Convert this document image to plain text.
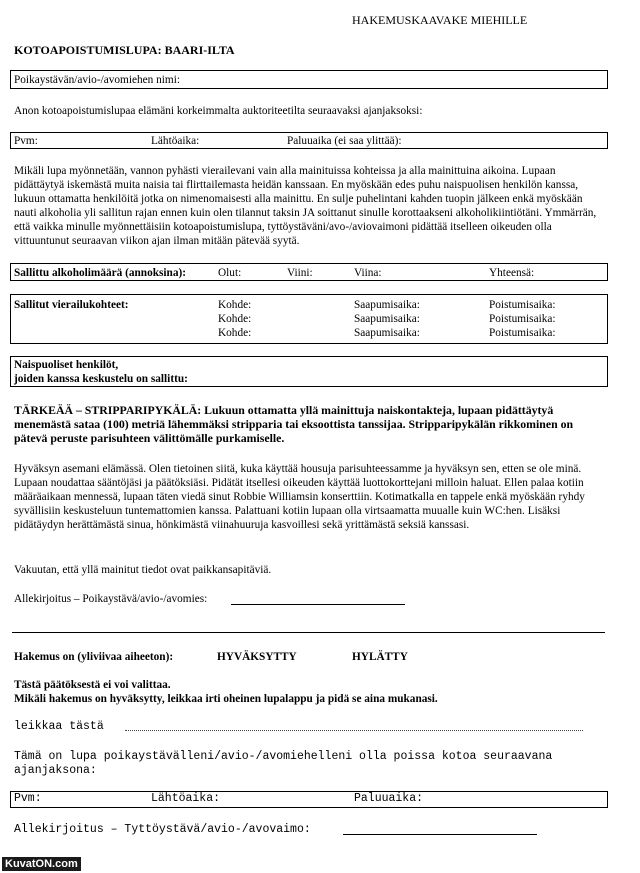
HAKEMUSKAAVAKE MIEHILLE
KOTOAPOISTUMISLUPA: BAARI-ILTA
Poikaystävän/avio-/avomiehen nimi:

Anon kotoapoistumislupaa elämäni korkeimmalta auktoriteetilta seuraavaksi ajanjaksoksi:

Pvm:	Lähtöaika:	Paluuaika (ei saa ylittää):

Mikäli lupa myönnetään, vannon pyhästi vierailevani vain alla mainituissa kohteissa ja alla mainittuina aikoina. Lupaan pidättäytyä iskemästä muita naisia tai flirttailemasta heidän kanssaan. En myöskään edes puhu naispuolisen henkilön kanssa, lukuun ottamatta henkilöitä jotka on nimenomaisesti alla mainittu. En sulje puhelintani kahden tuopin jälkeen enkä myöskään nauti alkoholia yli sallitun rajan ennen kuin olen tilannut taksin JA soittanut sinulle korottaakseni alkoholikiintiötäni. Ymmärrän, että vaikka minulle myönnettäisiin kotoapoistumislupa, tyttöystäväni/avo-/aviovaimoni pidättää itselleen oikeuden olla vittuuntunut seuraavan viikon ajan ilman mitään pätevää syytä.

Sallittu alkoholimäärä (annoksina):	Olut:	Viini:	Viina:	Yhteensä:
Sallitut vierailukohteet:	Kohde:	Saapumisaika:	Poistumisaika:
Kohde:	Saapumisaika:	Poistumisaika:
Kohde:	Saapumisaika:	Poistumisaika:
Naispuoliset henkilöt,
joiden kanssa keskustelu on sallittu:

TÄRKEÄÄ – STRIPPARIPYKÄLÄ: Lukuun ottamatta yllä mainittuja naiskontakteja, lupaan pidättäytyä menemästä sataa (100) metriä lähemmäksi stripparia tai eksoottista tanssijaa. Stripparipykälän rikkominen on pätevä peruste parisuhteen välittömälle purkamiselle.

Hyväksyn asemani elämässä. Olen tietoinen siitä, kuka käyttää housuja parisuhteessamme ja hyväksyn sen, etten se ole minä. Lupaan noudattaa sääntöjäsi ja päätöksiäsi. Pidätät itsellesi oikeuden käyttää luottokorttejani milloin haluat. Ellen palaa kotiin määräaikaan mennessä, lupaan täten viedä sinut Robbie Williamsin konserttiin. Kotimatkalla en tappele enkä myöskään ryhdy syvällisiin keskusteluun tuntemattomien kanssa. Palattuani kotiin lupaan olla virtsaamatta muualle kuin WC:hen. Lisäksi pidätäydyn herättämästä sinua, hönkimästä viinahuuruja kasvoillesi sekä yrittämästä seksiä kanssasi.

Vakuutan, että yllä mainitut tiedot ovat paikkansapitäviä.

Allekirjoitus – Poikaystävä/avio-/avomies:
Hakemus on (yliviivaa aiheeton):	HYVÄKSYTTY	HYLÄTTY
Tästä päätöksestä ei voi valittaa.
Mikäli hakemus on hyväksytty, leikkaa irti oheinen lupalappu ja pidä se aina mukanasi.
leikkaa tästä
Tämä on lupa poikaystävälleni/avio-/avomiehelleni olla poissa kotoa seuraavana
ajanjaksona:
Pvm:	Lähtöaika:	Paluuaika:
Allekirjoitus – Tyttöystävä/avio-/avovaimo:
KuvatON.com
